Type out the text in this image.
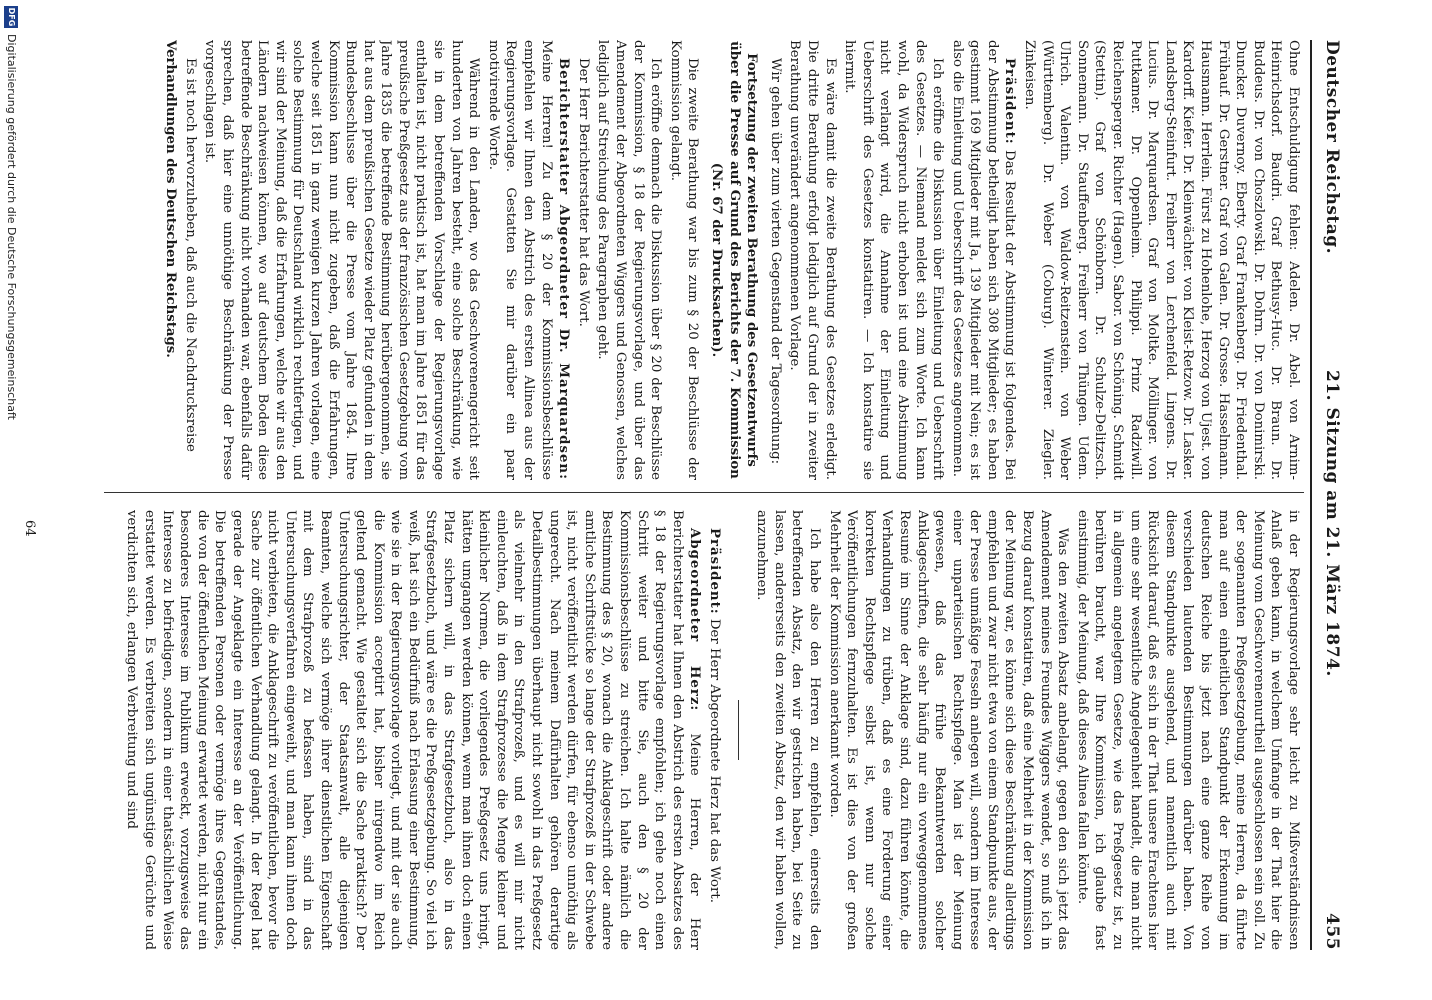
Deutscher Reichstag.
21. Sitzung am 21. März 1874.
455

Ohne Entschuldigung fehlen: Adelen. Dr. Abel. von Arnim-Heinrichsdorf. Baudri. Graf Bethusy-Huc. Dr. Braun. Dr. Buddeus. Dr. von Choszlowski. Dr. Dohrn. Dr. von Donimirski. Duncker. Duvernoy. Eberty. Graf Frankenberg. Dr. Friedenthal. Frühauf. Dr. Gerstner. Graf von Galen. Dr. Grosse. Hasselmann. Hausmann. Herrlein. Fürst zu Hohenlohe, Herzog von Ujest. von Kardorff. Kiefer. Dr. Kleinwächter. von Kleist-Retzow. Dr. Lasker. Landsberg-Steinfurt. Freiherr von Lerchenfeld. Lingens. Dr. Lucius. Dr. Marquardsen. Graf von Moltke. Möllinger. von Puttkamer. Dr. Oppenheim. Philippi. Prinz Radziwill. Reichensperger. Richter (Hagen). Sabor. von Schöning. Schmidt (Stettin). Graf von Schönborn. Dr. Schulze-Delitzsch. Sonnemann. Dr. Stauffenberg. Freiherr von Thüngen. Udem. Ulrich. Valentin. von Waldow-Reitzenstein. von Weber (Württemberg). Dr. Weber (Coburg). Winterer. Ziegler. Zinkeisen.

Präsident: Das Resultat der Abstimmung ist folgendes. Bei der Abstimmung betheiligt haben sich 308 Mitglieder; es haben gestimmt 169 Mitglieder mit Ja, 139 Mitglieder mit Nein; es ist also die Einleitung und Ueberschrift des Gesetzes angenommen.

Ich eröffne die Diskussion über Einleitung und Ueberschrift des Gesetzes. — Niemand meldet sich zum Worte. Ich kann wohl, da Widerspruch nicht erhoben ist und eine Abstimmung nicht verlangt wird, die Annahme der Einleitung und Ueberschrift des Gesetzes konstatiren. — Ich konstatire sie hiermit.

Es wäre damit die zweite Berathung des Gesetzes erledigt. Die dritte Berathung erfolgt lediglich auf Grund der in zweiter Berathung unverändert angenommenen Vorlage.

Wir gehen über zum vierten Gegenstand der Tagesordnung:

Fortsetzung der zweiten Berathung des Gesetzentwurfs über die Presse auf Grund des Berichts der 7. Kommission (Nr. 67 der Drucksachen).

Die zweite Berathung war bis zum § 20 der Beschlüsse der Kommission gelangt.

Ich eröffne demnach die Diskussion über § 20 der Beschlüsse der Kommission, § 18 der Regierungsvorlage, und über das Amendement der Abgeordneten Wiggers und Genossen, welches lediglich auf Streichung des Paragraphen geht.

Der Herr Berichterstatter hat das Wort.

Berichterstatter Abgeordneter Dr. Marquardsen: Meine Herren! Zu dem § 20 der Kommissionsbeschlüsse empfehlen wir Ihnen den Abstrich des ersten Alinea aus der Regierungsvorlage. Gestatten Sie mir darüber ein paar motivirende Worte.

Während in den Landen, wo das Geschworenengericht seit hunderten von Jahren besteht, eine solche Beschränkung, wie sie in dem betreffenden Vorschlage der Regierungsvorlage enthalten ist, nicht praktisch ist, hat man im Jahre 1851 für das preußische Preßgesetz aus der französischen Gesetzgebung vom Jahre 1835 die betreffende Bestimmung herübergenommen, sie hat aus dem preußischen Gesetze wieder Platz gefunden in dem Bundesbeschlusse über die Presse vom Jahre 1854. Ihre Kommission kann nun nicht zugeben, daß die Erfahrungen, welche seit 1851 in ganz wenigen kurzen Jahren vorlagen, eine solche Bestimmung für Deutschland wirklich rechtfertigen, und wir sind der Meinung, daß die Erfahrungen, welche wir aus den Ländern nachweisen können, wo auf deutschem Boden diese betreffende Beschränkung nicht vorhanden war, ebenfalls dafür sprechen, daß hier eine unnöthige Beschränkung der Presse vorgeschlagen ist.

Es ist noch hervorzuheben, daß auch die Nachdrucksreise

Verhandlungen des Deutschen Reichstags.

in der Regierungsvorlage sehr leicht zu Mißverständnissen Anlaß geben kann, in welchem Umfange in der That hier die Meinung vom Geschworenenurtheil ausgeschlossen sein soll. Zu der sogenannten Preßgesetzgebung, meine Herren, da führte man auf einen einheitlichen Standpunkt der Erkennung im deutschen Reiche bis jetzt nach eine ganze Reihe von verschieden lautenden Bestimmungen darüber haben. Von diesem Standpunkte ausgehend, und namentlich auch mit Rücksicht darauf, daß es sich in der That unsere Erachtens hier um eine sehr wesentliche Angelegenheit handelt, die man nicht in allgemein angelegtem Gesetze, wie das Preßgesetz ist, zu berühren braucht, war Ihre Kommission, ich glaube fast einstimmig, der Meinung, daß dieses Alinea fallen könnte.

Was den zweiten Absatz anbelangt, gegen den sich jetzt das Amendement meines Freundes Wiggers wendet, so muß ich in Bezug darauf konstatiren, daß eine Mehrheit in der Kommission der Meinung war, es könne sich diese Beschränkung allerdings empfehlen und zwar nicht etwa von einem Standpunkte aus, der der Presse unmäßige Fesseln anlegen will, sondern im Interesse einer unparteiischen Rechtspflege. Man ist der Meinung gewesen, daß das frühe Bekanntwerden solcher Anklageschriften, die sehr häufig nur ein vorweggenommenes Resumé im Sinne der Anklage sind, dazu führen könnte, die Verhandlungen zu trüben, daß es eine Forderung einer korrekten Rechtspflege selbst ist, wenn nur solche Veröffentlichungen fernzuhalten. Es ist dies von der großen Mehrheit der Kommission anerkannt worden.

Ich habe also den Herren zu empfehlen, einerseits den betreffenden Absatz, den wir gestrichen haben, bei Seite zu lassen, andererseits den zweiten Absatz, den wir haben wollen, anzunehmen.

Präsident: Der Herr Abgeordnete Herz hat das Wort.

Abgeordneter Herz: Meine Herren, der Herr Berichterstatter hat Ihnen den Abstrich des ersten Absatzes des § 18 der Regierungsvorlage empfohlen; ich gehe noch einen Schritt weiter und bitte Sie, auch den § 20 der Kommissionsbeschlüsse zu streichen. Ich halte nämlich die Bestimmung des § 20, wonach die Anklageschrift oder andere amtliche Schriftstücke so lange der Strafprozeß in der Schwebe ist, nicht veröffentlicht werden dürfen, für ebenso unnöthig als ungerecht. Nach meinem Dafürhalten gehören derartige Detailbestimmungen überhaupt nicht sowohl in das Preßgesetz als vielmehr in den Strafprozeß, und es will mir nicht einleuchten, daß in dem Strafprozesse die Menge kleiner und kleinlicher Normen, die vorliegendes Preßgesetz uns bringt, hätten umgangen werden können, wenn man ihnen doch einen Platz sichern will, in das Strafgesetzbuch, also in das Strafgesetzbuch, und wäre es die Preßgesetzgebung. So viel ich weiß, hat sich ein Bedürfniß nach Erlassung einer Bestimmung, wie sie in der Regierungsvorlage vorliegt, und mit der sie auch die Kommission acceptirt hat, bisher nirgendwo im Reich geltend gemacht. Wie gestaltet sich die Sache praktisch? Der Untersuchungsrichter, der Staatsanwalt, alle diejenigen Beamten, welche sich vermöge ihrer dienstlichen Eigenschaft mit dem Strafprozeß zu befassen haben, sind in das Untersuchungsverfahren eingeweiht, und man kann ihnen doch nicht verbieten, die Anklageschrift zu veröffentlichen, bevor die Sache zur öffentlichen Verhandlung gelangt. In der Regel hat gerade der Angeklagte ein Interesse an der Veröffentlichung. Die betreffenden Personen oder vermöge ihres Gegenstandes, die von der öffentlichen Meinung erwartet werden, nicht nur ein besonderes Interesse im Publikum erweckt, vorzugsweise das Interesse zu befriedigen, sondern in einer thatsächlichen Weise erstattet werden. Es verbreiten sich ungünstige Gerüchte und verdichten sich, erlangen Verbreitung und sind

64
DFG
Digitalisierung gefördert durch die Deutsche Forschungsgemeinschaft
